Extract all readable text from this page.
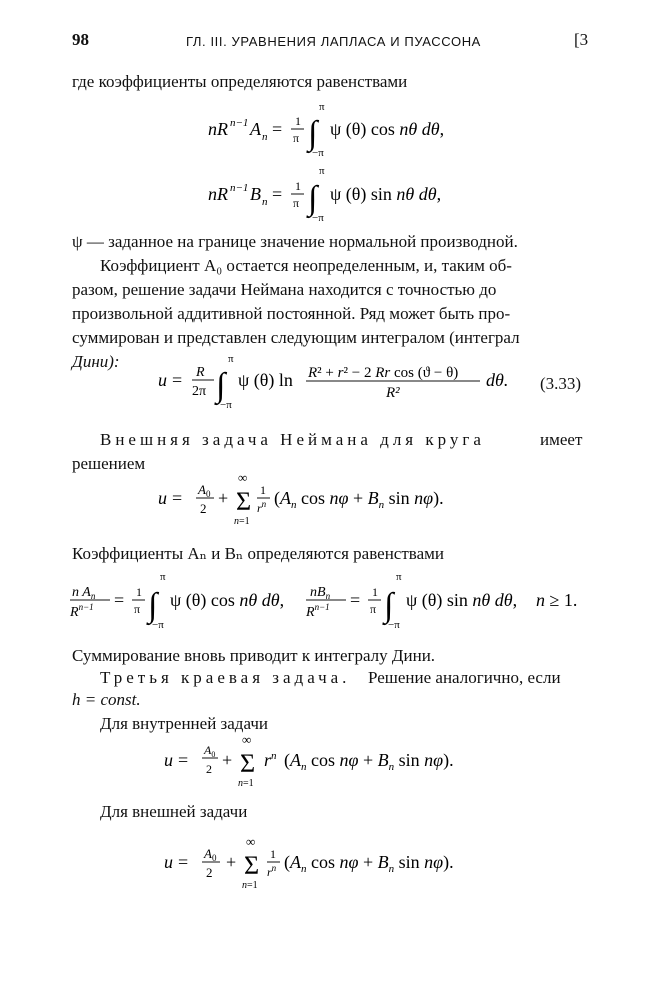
98	ГЛ. III. УРАВНЕНИЯ ЛАПЛАСА И ПУАССОНА	[3
где коэффициенты определяются равенствами
nR n−1 A n = 1
π ∫
π
−π
ψ (θ) cos nθ dθ,
nR n−1 B n = 1
π ∫
π
−π
ψ (θ) sin nθ dθ,
ψ — заданное на границе значение нормальной производной.
Коэффициент A₀ остается неопределенным, и, таким об-
разом, решение задачи Неймана находится с точностью до
произвольной аддитивной постоянной. Ряд может быть про-
суммирован и представлен следующим интегралом (интеграл
Дини):
u = R
2π ∫
π
−π
ψ (θ) ln R² + r² − 2 Rr cos (ϑ − θ)
R²
dθ. (3.33)
Внешняя задача Неймана для круга	имеет
решением
$u = A_0$
2
+ Σ
∞
n=1
1
$r^n$ ($A_n$ $\cos n\varphi + B_n$ sin nφ).
Коэффициенты Aₙ и Bₙ определяются равенствами
n $A_n$
$R^{n-1} = 1$
π ∫
π
−π
ψ (θ) cos nθ dθ, $nB_n$
$R^{n-1} = 1$
π ∫
π
−π
ψ (θ) sin nθ dθ, n ≥ 1.
Суммирование вновь приводит к интегралу Дини.
Третья краевая задача. Решение аналогично, если
h = const.
Для внутренней задачи
$u = A_0$
2 + Σ
∞
n=1
$r^n$ ($A_n$ $\cos n\varphi + B_n$ sin nφ).
Для внешней задачи
$u = A_0$
2
+ Σ
∞
n=1
1
$r^n$ ($A_n$ $\cos n\varphi + B_n$ sin nφ).
